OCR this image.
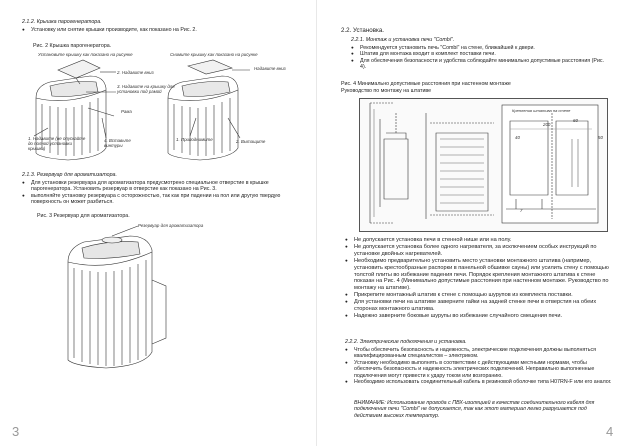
2.1.2. Крышка парогенератора.
● Установку или снятие крышки производите, как показано на Рис. 2.
Рис. 2 Крышка парогенератора.
Установите крышку как показано на рисунке	Снимите крышку как показано на рисунке
2. Надавите вниз
3. Надавите на крышку для установки под рамой
Рама
1. Надавите (не опускайте до полной установки крышки)
4. Вставьте винтуры
Надавите вниз
1. Приподнимите	2. Вытащите
2.1.3. Резервуар для ароматизатора.
● Для установки резервуара для ароматизатора предусмотрено специальное отверстие в крышке парогенератора. Установить резервуар в отверстие как показано на Рис. 3.
● выполняйте установку резервуара с осторожностью, так как при падении на пол или другую твердую поверхность он может разбиться.
Рис. 3 Резервуар для ароматизатора.
Резервуар для ароматизатора
3
2.2. Установка.
2.2.1. Монтаж и установка печи "Combi".
● Рекомендуется установить печь "Combi" на стене, ближайшей к двери.
● Штатив для монтажа входит в комплект поставки печи.
● Для обеспечения безопасности и удобства соблюдайте минимально допустимые расстояния (Рис. 4).
Рис. 4 Минимально допустимые расстояния при настенном монтаже
Руководство по монтажу на штативе
Крепления штатива на стене
60
200
40	50
7
● Не допускается установка печи в стенной нише или на полу.
● Не допускается установка более одного нагревателя, за исключением особых инструкций по установке двойных нагревателей.
● Необходимо предварительно установить место установки монтажного штатива (например, установить крестообразные распорки в панельной обшивке сауны) или усилить стену с помощью толстой плиты во избежание падения печи. Порядок крепления монтажного штатива к стене показан на Рис. 4 (Минимально допустимые расстояния при настенном монтаже. Руководство по монтажу на штативе).
● Прикрепите монтажный штатив к стене с помощью шурупов из комплекта поставки.
● Для установки печи на штативе заверните гайки на задней стенке печи в отверстия на обеих сторонах монтажного штатива.
● Надежно заверните боковые шурупы во избежание случайного смещения печи.
2.2.2. Электрические подключения и установка.
● Чтобы обеспечить безопасность и надежность, электрические подключения должны выполняться квалифицированным специалистом – электриком.
● Установку необходимо выполнять в соответствии с действующими местными нормами, чтобы обеспечить безопасность и надежность электрических подключений. Неправильно выполненные подключения могут привести к удару током или возгоранию.
● Необходимо использовать соединительный кабель в резиновой оболочке типа H07RN-F или его аналог.
ВНИМАНИЕ: Использование провода с ПВХ-изоляцией в качестве соединительного кабеля для подключения печи "Combi" не допускается, так как этот материал легко разрушается под действием высоких температур.
4
